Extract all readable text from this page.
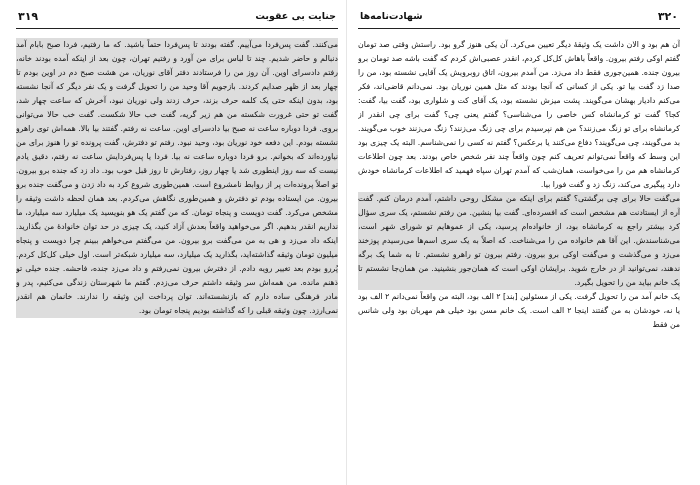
۳۱۹	جنایت بی عقوبت

می‌کنند. گفت پس‌فردا می‌آییم. گفته بودند تا پس‌فردا حتماً باشید. که ما رفتیم، فردا صبح بابام آمد دنبالم و حاضر شدیم. چند تا لباس برای من آورد و رفتیم تهران، چون بعد از اینکه آمده بودند خانه، رفتم دادسرای اوین. آن روز من را فرستادند دفتر آقای نوریان، من هشت صبح دم در اوین بودم تا چهار بعد از ظهر صدایم کردند. بازجویم آقا وحید من را تحویل گرفت و یک نفر دیگر که آنجا نشسته بود، بدون اینکه حتی یک کلمه حرف بزند، حرف زدند ولی نوریان نبود، آخرش که ساعت چهار شد، گفت تو حتی غرورت شکسته من هم زیر گریه، گفت خب حالا شکست. گفت خب حالا می‌توانی بروی. فردا دوباره ساعت نه صبح بیا دادسرای اوین. ساعت نه رفتم. گفتند بیا بالا. همه‌اش توی راهرو نشسته بودم. این دفعه خود نوریان بود، وحید نبود. رفتم تو دفترش، گفت پرونده تو را هنوز برای من نیاورده‌اند که بخوانم. برو فردا دوباره ساعت نه بیا. فردا یا پس‌فردایش ساعت نه رفتم، دقیق یادم نیست که سه روز اینطوری شد یا چهار روز، رفتارش تا روز قبل خوب بود. داد زد که جنده برو بیرون. تو اصلاً پرونده‌ات پر از روابط نامشروع است. همین‌طوری شروع کرد به داد زدن و می‌گفت جنده برو بیرون. من ایستاده بودم تو دفترش و همین‌طوری نگاهش می‌کردم. بعد همان لحظه داشت وثیقه را مشخص می‌کرد. گفت دویست و پنجاه تومان. که من گفتم یک هو بنویسید یک میلیارد سه میلیارد، ما نداریم انقدر بدهیم. اگر می‌خواهید واقعاً بعدش آزاد کنید، یک چیزی در حد توان خانوادهٔ من بگذارید. اینکه داد می‌زد و هی به من می‌گفت برو بیرون. من می‌گفتم می‌خواهم ببینم چرا دویست و پنجاه میلیون تومان وثیقه گذاشته‌اید، بگذارید یک میلیارد، سه میلیارد شبکه‌تر است. اول خیلی کل‌کل کردم. پُررو بودم بعد تغییر رویه دادم. از دفترش بیرون نمی‌رفتم و داد می‌زد جنده، فاحشه. جنده خیلی تو ذهنم مانده. من همه‌اش سر وثیقه داشتم حرف می‌زدم. گفتم ما شهرستان زندگی می‌کنیم، پدر و مادر فرهنگی ساده دارم که بازنشسته‌اند. توان پرداخت این وثیقه را ندارند. خانمان هم انقدر نمی‌ارزد. چون وثیقه قبلی را که گذاشته بودیم پنجاه تومان بود.

۳۲۰
شهادت‌نامه‌ها

آن هم بود و الان داشت یک وثیقهٔ دیگر تعیین می‌کرد. آن یکی هنوز گرو بود. راستش وقتی صد تومان گفتم اوکی رفتم بیرون. واقعاً باهاش کل‌کل کردم، انقدر عصبی‌اش کردم که گفت باشه صد تومان برو بیرون جنده. همین‌جوری فقط داد می‌زد. من آمدم بیرون، اتاق روبرویش یک آقایی نشسته بود، من را صدا زد گفت بیا تو. یکی از کسانی که آنجا بودند که مثل همین نوریان بود. نمی‌دانم قاضی‌اند، فکر می‌کنم دادیار بهشان می‌گویند. پشت میزش نشسته بود، یک آقای کت و شلواری بود، گفت بیا، گفت: کجا؟ گفت تو کرمانشاه کس خاصی را می‌شناسی؟ گفتم یعنی چی؟ گفت برای چی انقدر از کرمانشاه برای تو زنگ می‌زنند؟ من هم نپرسیدم برای چی زنگ می‌زنند؟ زنگ می‌زنند خوب می‌گویند. بد می‌گویند، چی می‌گویند؟ دفاع می‌کنند یا برعکس؟ گفتم نه کسی را نمی‌شناسم. البته یک چیزی بود این وسط که واقعاً نمی‌توانم تعریف کنم چون واقعاً چند نفر شخص خاص بودند. بعد چون اطلاعات کرمانشاه هم من را می‌خواست، همان‌شب که آمدم تهران سپاه فهمید که اطلاعات کرمانشاه خودش دارد پیگیری می‌کند، زنگ زد و گفت فورا بیا.

می‌گفت حالا برای چی برگشتی؟ گفتم برای اینکه من مشکل روحی داشتم، آمدم درمان کنم. گفت آره از ایستادنت هم مشخص است که افسرده‌ای. گفت بیا بنشین. من رفتم نشستم، یک سری سؤال کرد بیشتر راجع به کرمانشاه بود، از خانواده‌ام پرسید، یکی از عموهایم تو شورای شهر است، می‌شناسندش. این آقا هم خانواده من را می‌شناخت. که اصلاً به یک سری اسم‌ها می‌رسیدم پوزخند می‌زد و می‌گذشت و می‌گفت اوکی برو بیرون. رفتم بیرون تو راهرو نشستم. تا به شما یک برگه ندهند، نمی‌توانید از در خارج شوید. برایشان اوکی است که همان‌جور بنشینید. من همان‌جا نشستم تا یک خانم بیاید من را تحویل بگیرد.

یک خانم آمد من را تحویل گرفت. یکی از مسئولین [بند] ۲ الف بود، البته من واقعاً نمی‌دانم ۲ الف بود یا نه، خودشان به من گفتند اینجا ۲ الف است. یک خانم مسن بود خیلی هم مهربان بود ولی شانس من فقط
